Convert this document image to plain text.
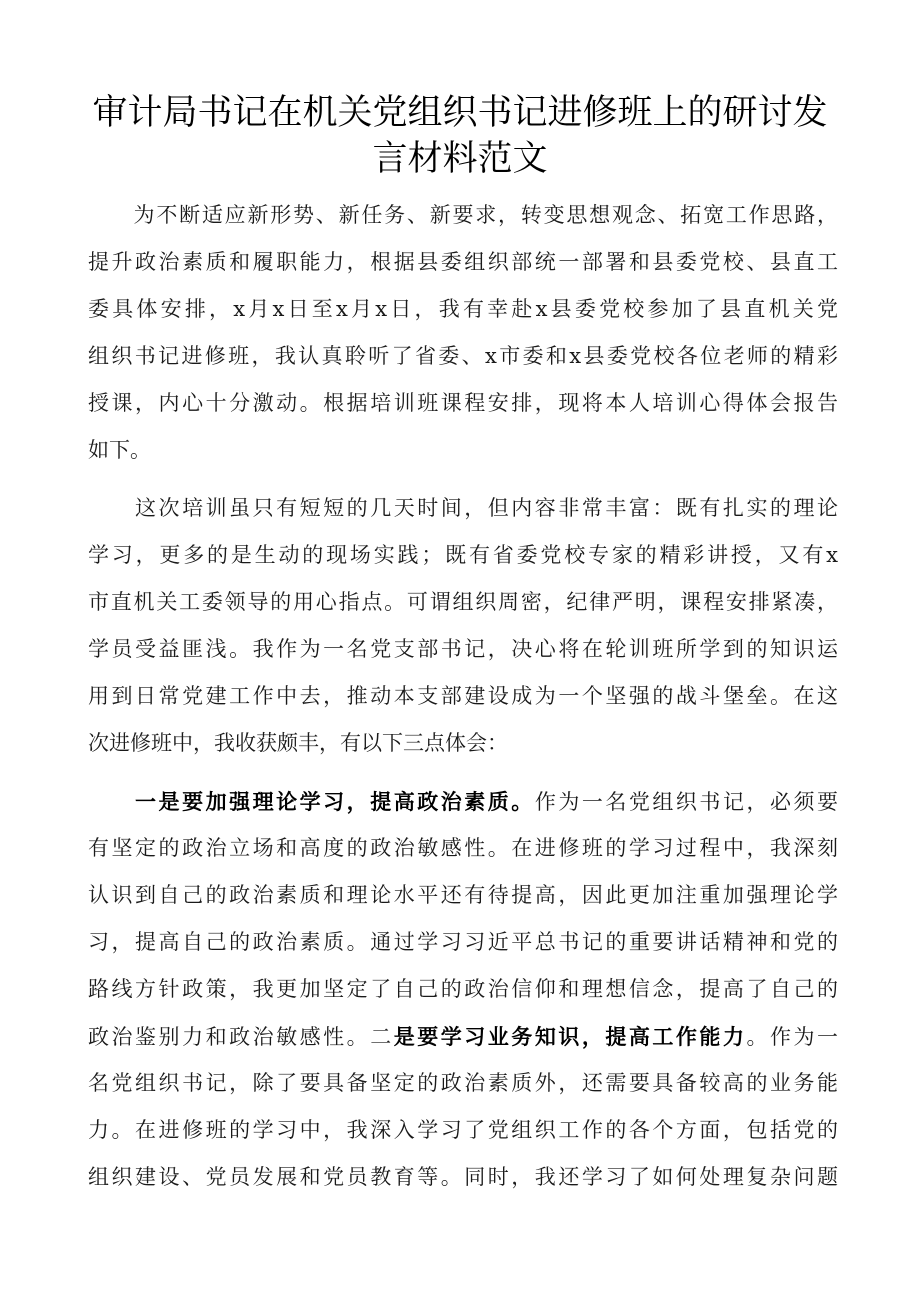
审计局书记在机关党组织书记进修班上的研讨发
言材料范文
　　为不断适应新形势、新任务、新要求，转变思想观念、拓宽工作思路，
提升政治素质和履职能力，根据县委组织部统一部署和县委党校、县直工
委具体安排，x月x日至x月x日，我有幸赴x县委党校参加了县直机关党
组织书记进修班，我认真聆听了省委、x市委和x县委党校各位老师的精彩
授课，内心十分激动。根据培训班课程安排，现将本人培训心得体会报告
如下。
　　这次培训虽只有短短的几天时间，但内容非常丰富：既有扎实的理论
学习，更多的是生动的现场实践；既有省委党校专家的精彩讲授，又有x
市直机关工委领导的用心指点。可谓组织周密，纪律严明，课程安排紧凑，
学员受益匪浅。我作为一名党支部书记，决心将在轮训班所学到的知识运
用到日常党建工作中去，推动本支部建设成为一个坚强的战斗堡垒。在这
次进修班中，我收获颇丰，有以下三点体会：
　　一是要加强理论学习，提高政治素质。作为一名党组织书记，必须要
有坚定的政治立场和高度的政治敏感性。在进修班的学习过程中，我深刻
认识到自己的政治素质和理论水平还有待提高，因此更加注重加强理论学
习，提高自己的政治素质。通过学习习近平总书记的重要讲话精神和党的
路线方针政策，我更加坚定了自己的政治信仰和理想信念，提高了自己的
政治鉴别力和政治敏感性。二是要学习业务知识，提高工作能力。作为一
名党组织书记，除了要具备坚定的政治素质外，还需要具备较高的业务能
力。在进修班的学习中，我深入学习了党组织工作的各个方面，包括党的
组织建设、党员发展和党员教育等。同时，我还学习了如何处理复杂问题
